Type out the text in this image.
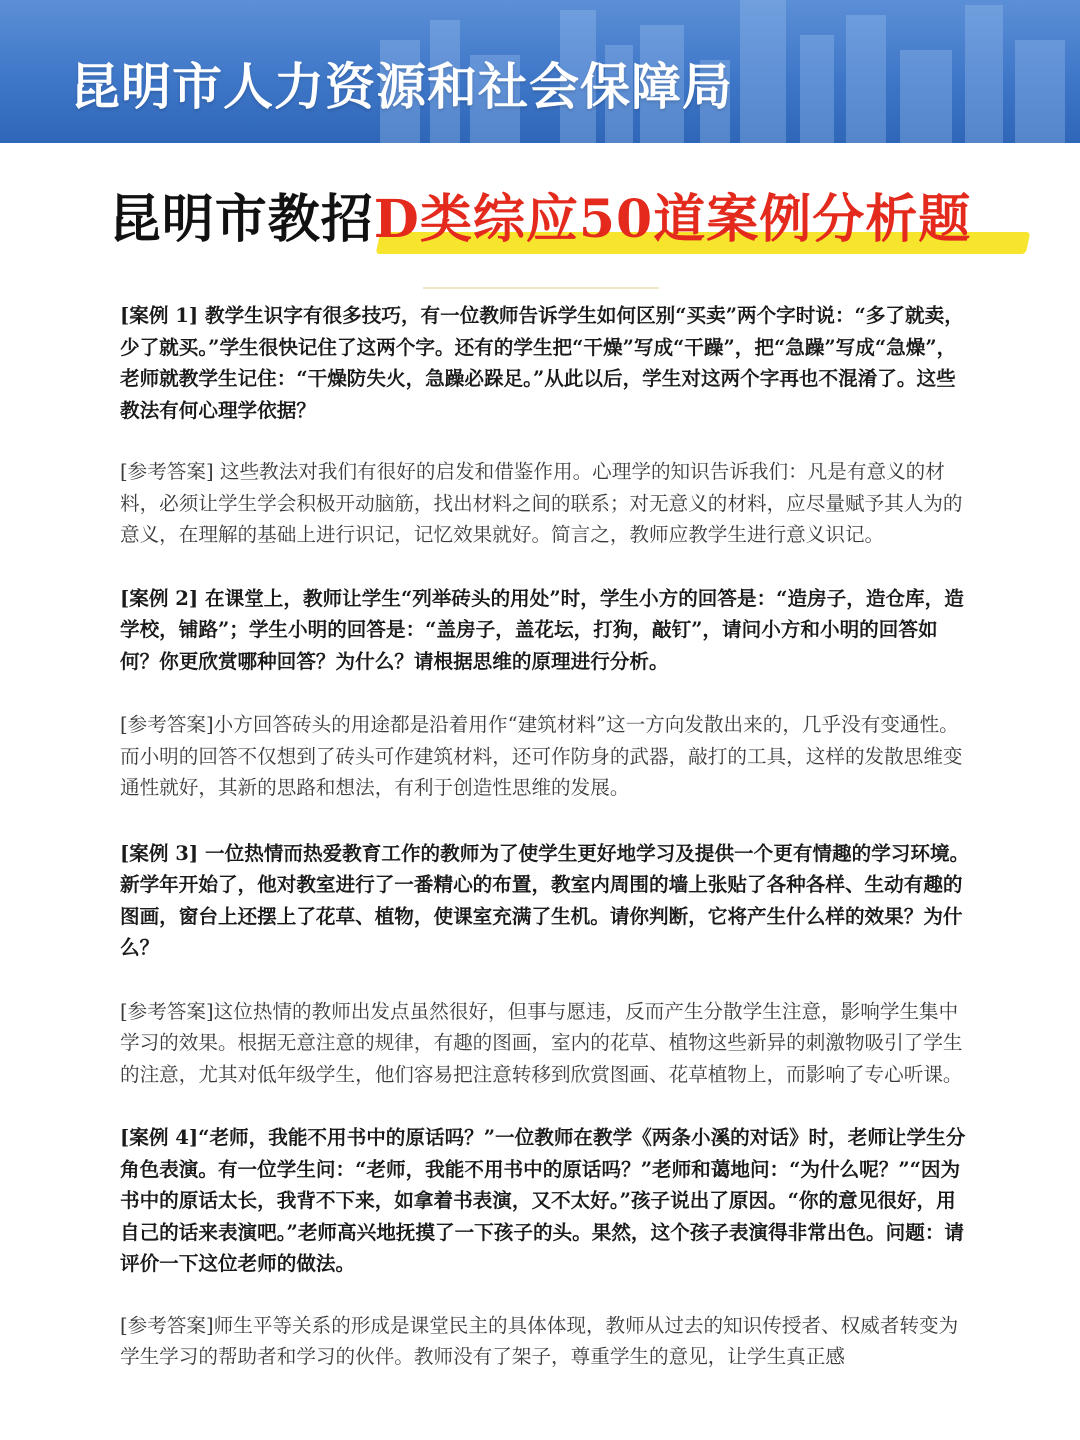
昆明市人力资源和社会保障局
昆明市教招D类综应50道案例分析题

[案例 1] 教学生识字有很多技巧，有一位教师告诉学生如何区别“买卖”两个字时说：“多了就卖，少了就买。”学生很快记住了这两个字。还有的学生把“干燥”写成“干躁”，把“急躁”写成“急燥”，老师就教学生记住：“干燥防失火，急躁必跺足。”从此以后，学生对这两个字再也不混淆了。这些教法有何心理学依据？

[参考答案] 这些教法对我们有很好的启发和借鉴作用。心理学的知识告诉我们：凡是有意义的材料，必须让学生学会积极开动脑筋，找出材料之间的联系；对无意义的材料，应尽量赋予其人为的意义，在理解的基础上进行识记，记忆效果就好。简言之，教师应教学生进行意义识记。

[案例 2] 在课堂上，教师让学生“列举砖头的用处”时，学生小方的回答是：“造房子，造仓库，造学校，铺路”；学生小明的回答是：“盖房子，盖花坛，打狗，敲钉”，请问小方和小明的回答如何？你更欣赏哪种回答？为什么？请根据思维的原理进行分析。

[参考答案]小方回答砖头的用途都是沿着用作“建筑材料”这一方向发散出来的，几乎没有变通性。而小明的回答不仅想到了砖头可作建筑材料，还可作防身的武器，敲打的工具，这样的发散思维变通性就好，其新的思路和想法，有利于创造性思维的发展。

[案例 3] 一位热情而热爱教育工作的教师为了使学生更好地学习及提供一个更有情趣的学习环境。新学年开始了，他对教室进行了一番精心的布置，教室内周围的墙上张贴了各种各样、生动有趣的图画，窗台上还摆上了花草、植物，使课室充满了生机。请你判断，它将产生什么样的效果？为什么？

[参考答案]这位热情的教师出发点虽然很好，但事与愿违，反而产生分散学生注意，影响学生集中学习的效果。根据无意注意的规律，有趣的图画，室内的花草、植物这些新异的刺激物吸引了学生的注意，尤其对低年级学生，他们容易把注意转移到欣赏图画、花草植物上，而影响了专心听课。

[案例 4]“老师，我能不用书中的原话吗？”一位教师在教学《两条小溪的对话》时，老师让学生分角色表演。有一位学生问：“老师，我能不用书中的原话吗？”老师和蔼地问：“为什么呢？”“因为书中的原话太长，我背不下来，如拿着书表演，又不太好。”孩子说出了原因。“你的意见很好，用自己的话来表演吧。”老师高兴地抚摸了一下孩子的头。果然，这个孩子表演得非常出色。问题：请评价一下这位老师的做法。

[参考答案]师生平等关系的形成是课堂民主的具体体现，教师从过去的知识传授者、权威者转变为学生学习的帮助者和学习的伙伴。教师没有了架子，尊重学生的意见，让学生真正感
